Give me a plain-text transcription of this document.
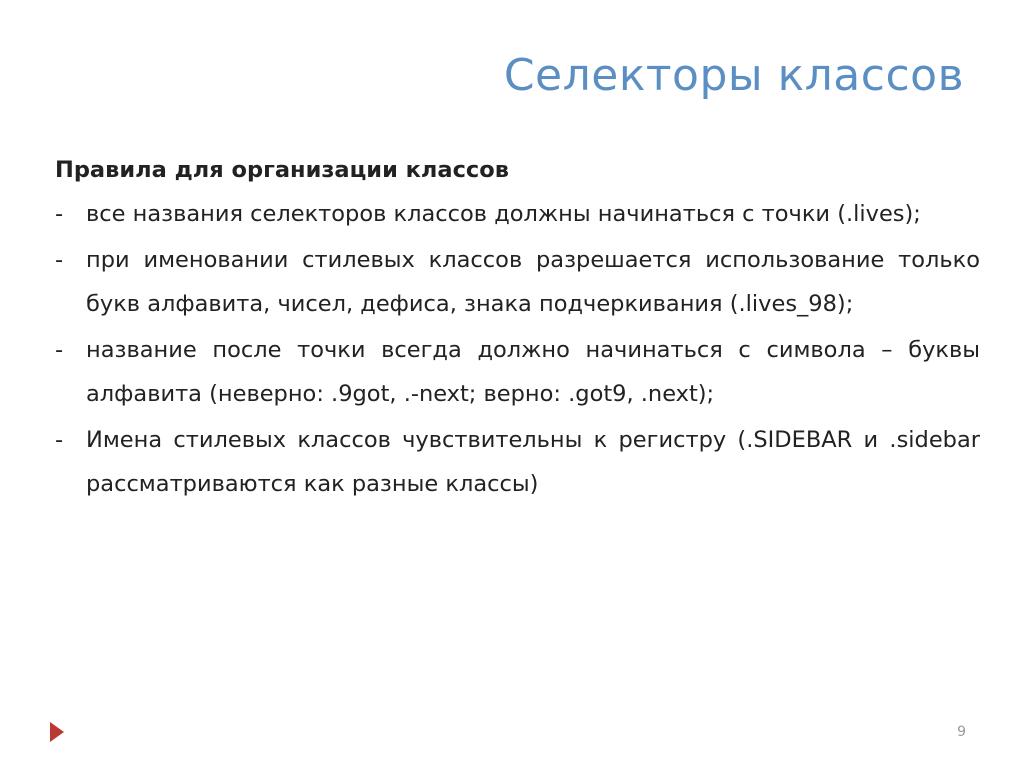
Селекторы классов

Правила для организации классов

- все названия селекторов классов должны начинаться с точки (.lives);
- при именовании стилевых классов разрешается использование только букв алфавита, чисел, дефиса, знака подчеркивания (.lives_98);
- название после точки всегда должно начинаться с символа – буквы алфавита (неверно: .9got, .-next; верно: .got9, .next);
- Имена стилевых классов чувствительны к регистру (.SIDEBAR и .sidebar рассматриваются как разные классы)
9
